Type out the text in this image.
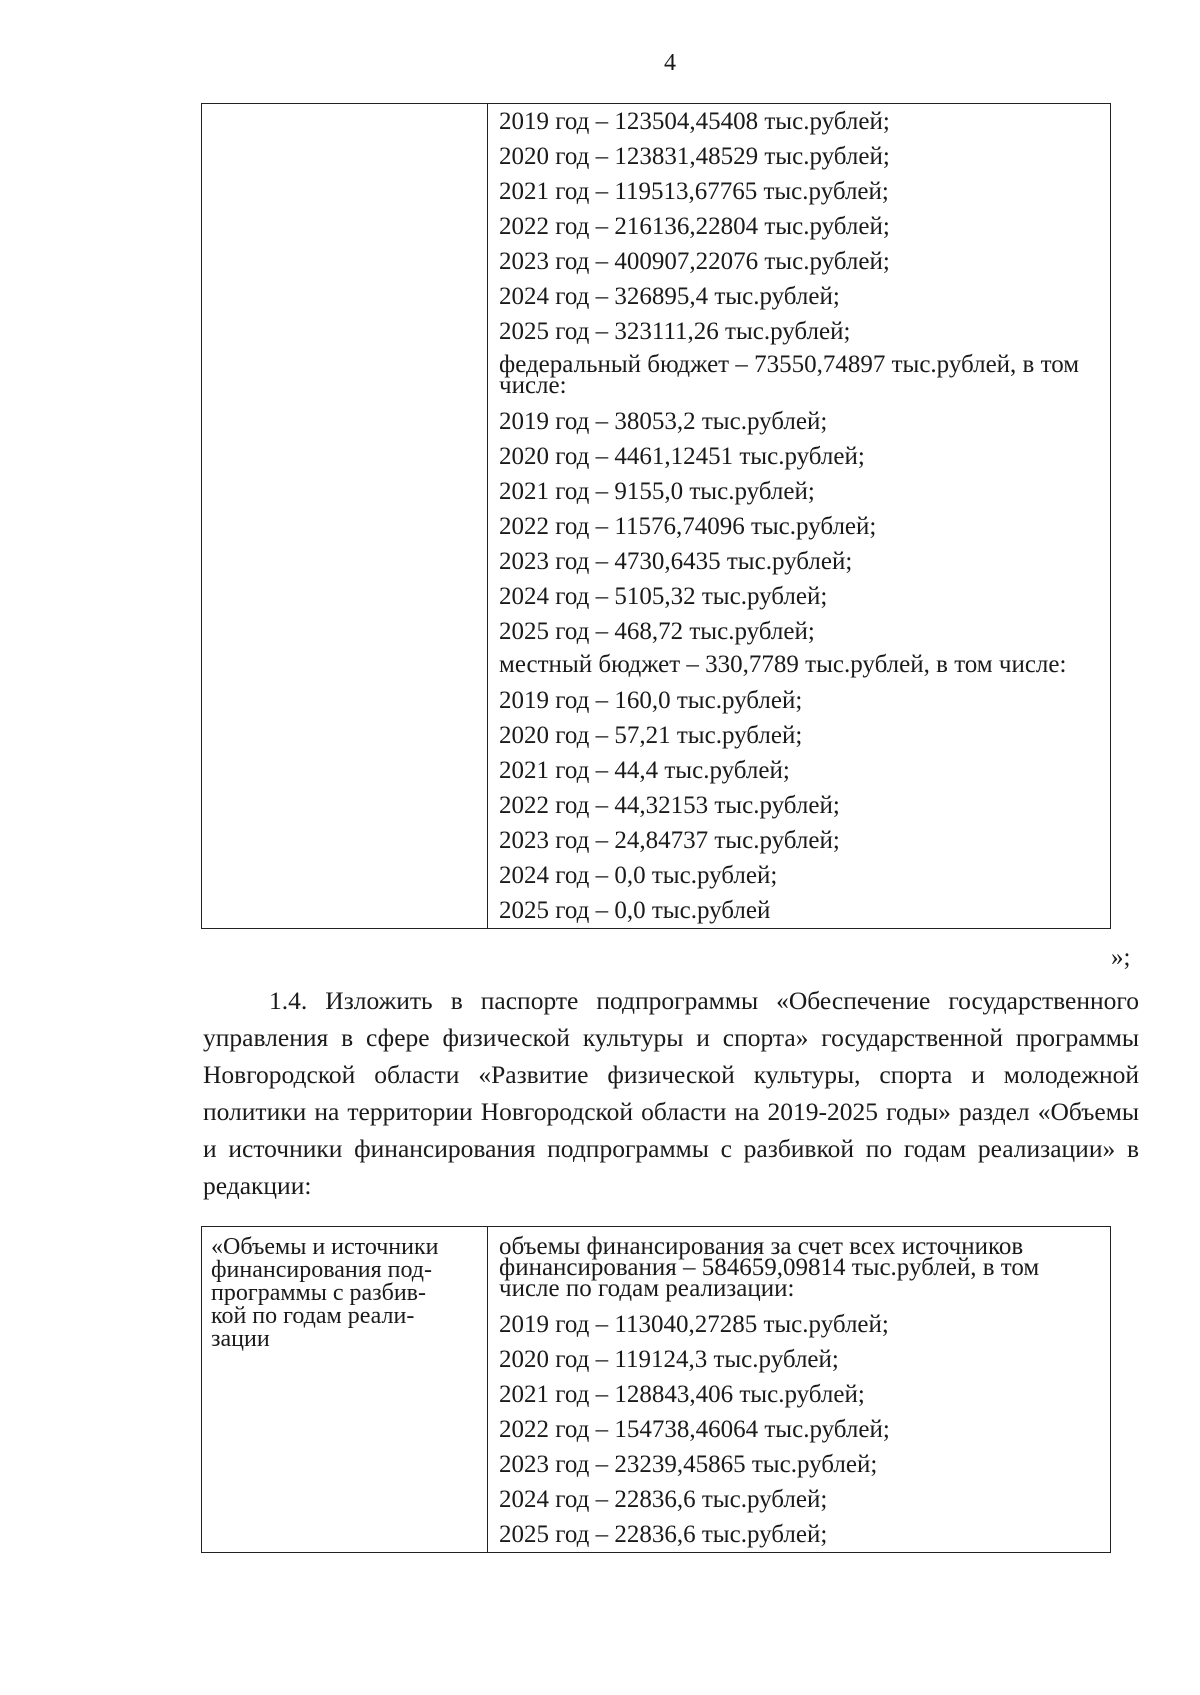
4

2019 год – 123504,45408 тыс.рублей;
2020 год – 123831,48529 тыс.рублей;
2021 год – 119513,67765 тыс.рублей;
2022 год – 216136,22804 тыс.рублей;
2023 год – 400907,22076 тыс.рублей;
2024 год – 326895,4 тыс.рублей;
2025 год – 323111,26 тыс.рублей;
федеральный бюджет – 73550,74897 тыс.рублей, в том числе:
2019 год – 38053,2 тыс.рублей;
2020 год – 4461,12451 тыс.рублей;
2021 год – 9155,0 тыс.рублей;
2022 год – 11576,74096 тыс.рублей;
2023 год – 4730,6435 тыс.рублей;
2024 год – 5105,32 тыс.рублей;
2025 год – 468,72 тыс.рублей;
местный бюджет – 330,7789 тыс.рублей, в том числе:
2019 год – 160,0 тыс.рублей;
2020 год – 57,21 тыс.рублей;
2021 год – 44,4 тыс.рублей;
2022 год – 44,32153 тыс.рублей;
2023 год – 24,84737 тыс.рублей;
2024 год – 0,0 тыс.рублей;
2025 год – 0,0 тыс.рублей
»;
1.4. Изложить в паспорте подпрограммы «Обеспечение государственного управления в сфере физической культуры и спорта» государственной программы Новгородской области «Развитие физической культуры, спорта и молодежной политики на территории Новгородской области на 2019-2025 годы» раздел «Объемы и источники финансирования подпрограммы с разбивкой по годам реализации» в редакции:
«Объемы и источники
финансирования под-
программы с разбив-
кой по годам реали-
зации	
объемы финансирования за счет всех источников финансирования – 584659,09814 тыс.рублей, в том числе по годам реализации:
2019 год – 113040,27285 тыс.рублей;
2020 год – 119124,3 тыс.рублей;
2021 год – 128843,406 тыс.рублей;
2022 год – 154738,46064 тыс.рублей;
2023 год – 23239,45865 тыс.рублей;
2024 год – 22836,6 тыс.рублей;
2025 год – 22836,6 тыс.рублей;
